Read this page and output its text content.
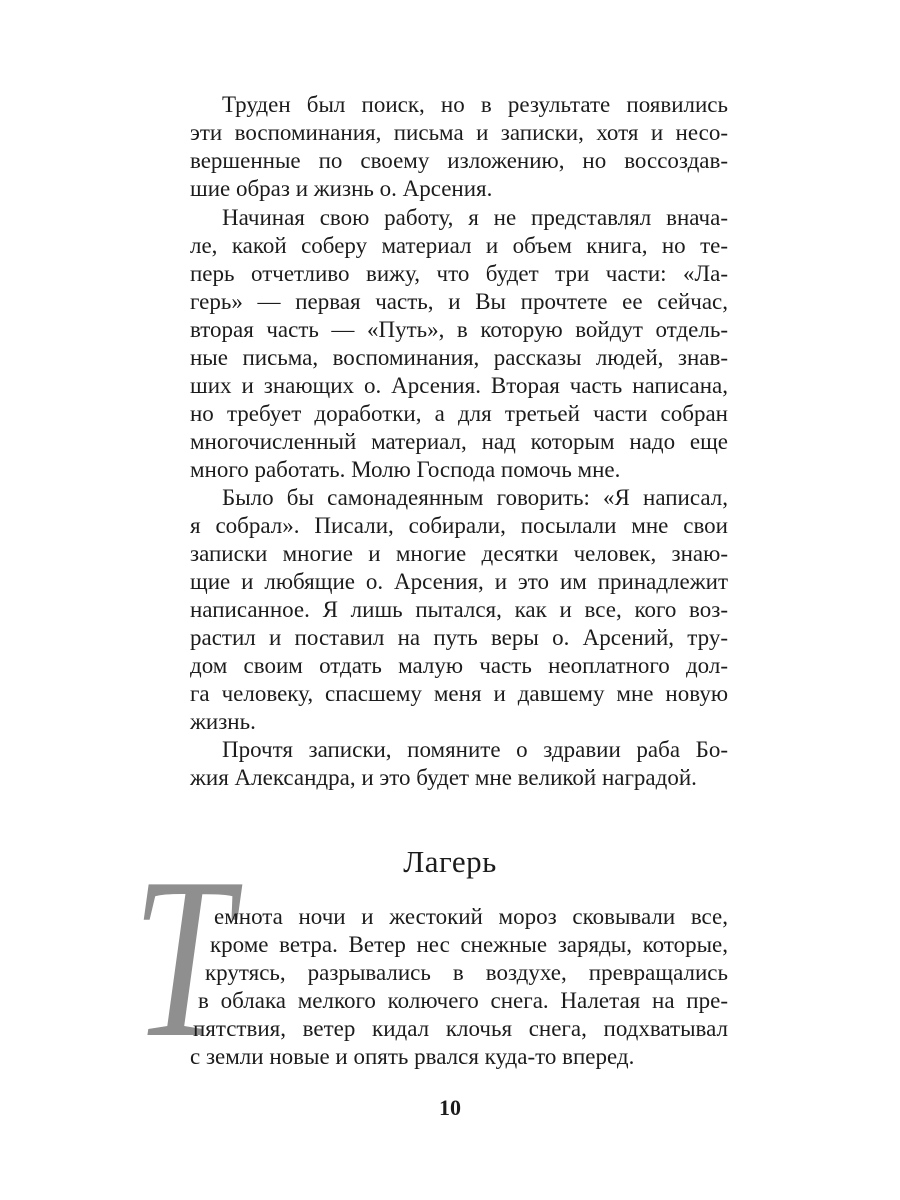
Труден был поиск, но в результате появились
эти воспоминания, письма и записки, хотя и несо-
вершенные по своему изложению, но воссоздав-
шие образ и жизнь о. Арсения.
Начиная свою работу, я не представлял внача-
ле, какой соберу материал и объем книга, но те-
перь отчетливо вижу, что будет три части: «Ла-
герь» — первая часть, и Вы прочтете ее сейчас,
вторая часть — «Путь», в которую войдут отдель-
ные письма, воспоминания, рассказы людей, знав-
ших и знающих о. Арсения. Вторая часть написана,
но требует доработки, а для третьей части собран
многочисленный материал, над которым надо еще
много работать. Молю Господа помочь мне.
Было бы самонадеянным говорить: «Я написал,
я собрал». Писали, собирали, посылали мне свои
записки многие и многие десятки человек, знаю-
щие и любящие о. Арсения, и это им принадлежит
написанное. Я лишь пытался, как и все, кого воз-
растил и поставил на путь веры о. Арсений, тру-
дом своим отдать малую часть неоплатного дол-
га человеку, спасшему меня и давшему мне новую
жизнь.
Прочтя записки, помяните о здравии раба Бо-
жия Александра, и это будет мне великой наградой.
Лагерь
Т
емнота ночи и жестокий мороз сковывали все,
кроме ветра. Ветер нес снежные заряды, которые,
крутясь, разрывались в воздухе, превращались
в облака мелкого колючего снега. Налетая на пре-
пятствия, ветер кидал клочья снега, подхватывал
с земли новые и опять рвался куда-то вперед.
10
